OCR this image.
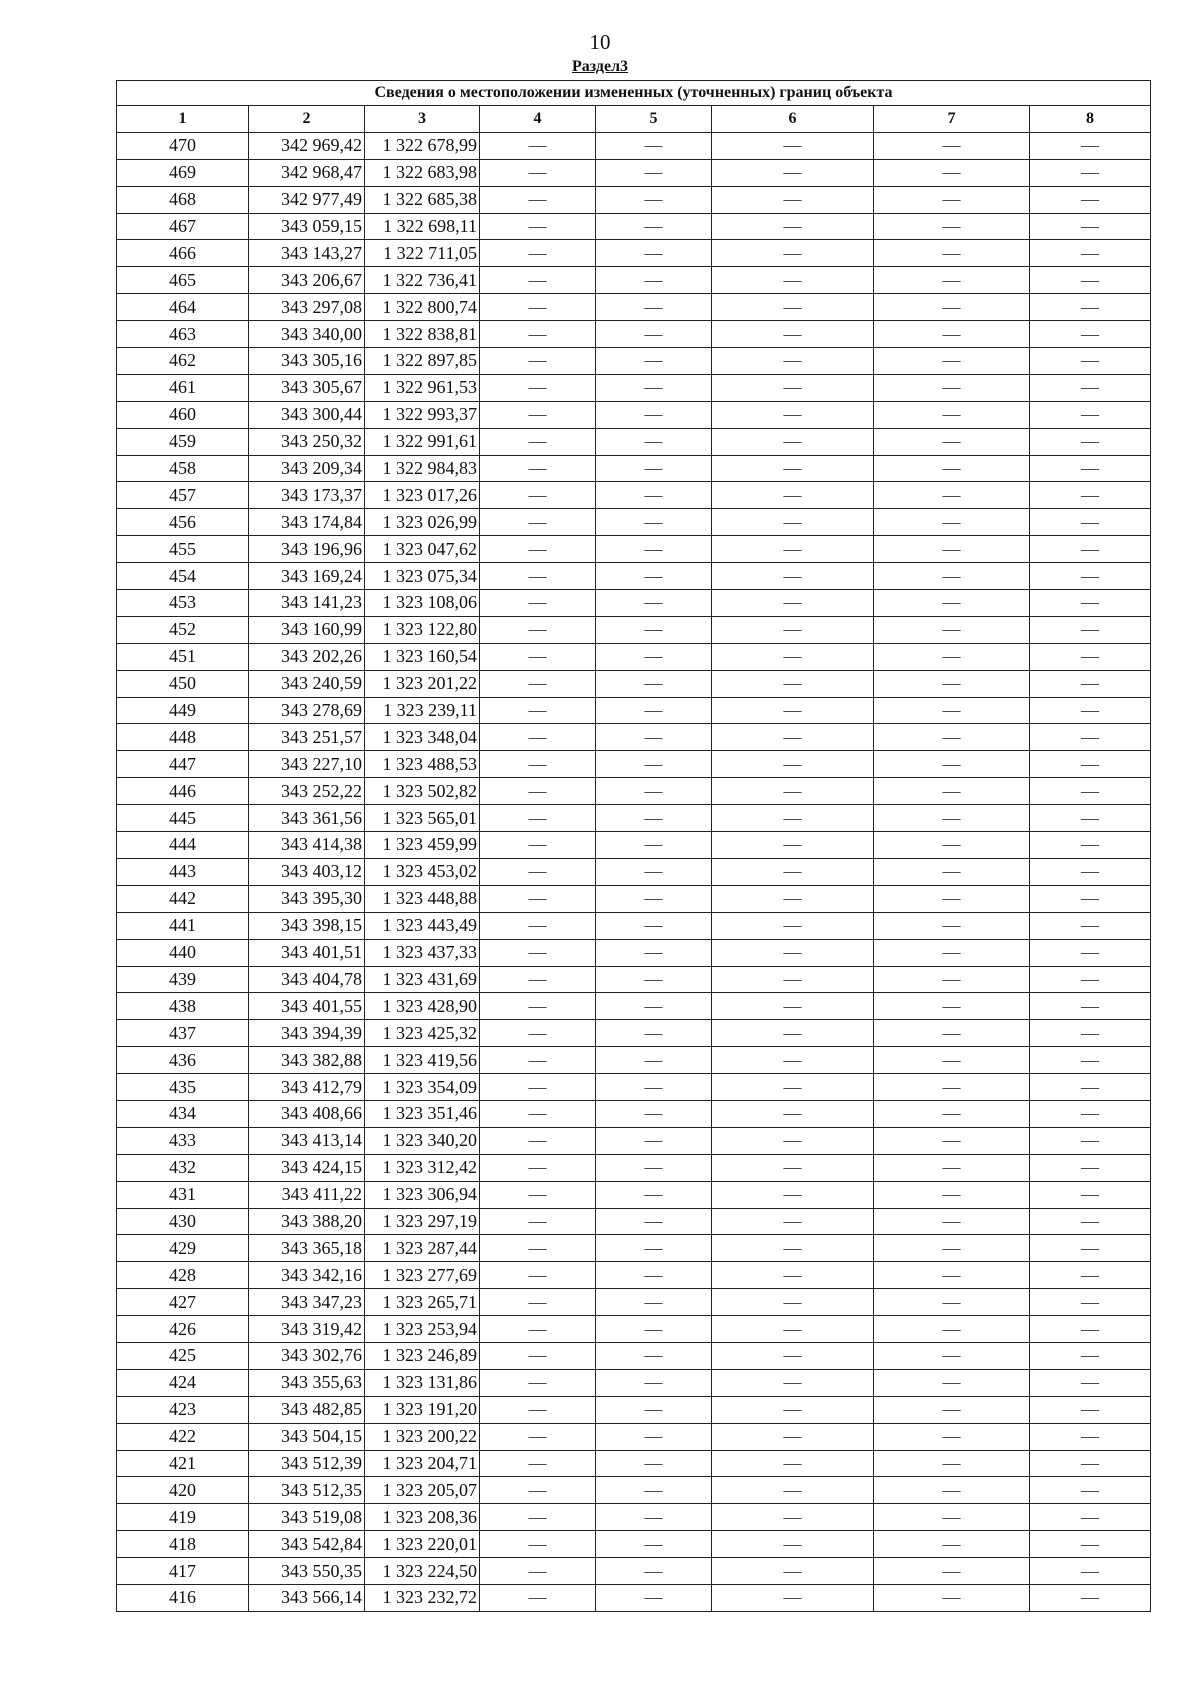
10
Раздел3
Сведения о местоположении измененных (уточненных) границ объекта							
1	2	3	4	5	6	7	8
470	342 969,42	1 322 678,99	—	—	—	—	—
469	342 968,47	1 322 683,98	—	—	—	—	—
468	342 977,49	1 322 685,38	—	—	—	—	—
467	343 059,15	1 322 698,11	—	—	—	—	—
466	343 143,27	1 322 711,05	—	—	—	—	—
465	343 206,67	1 322 736,41	—	—	—	—	—
464	343 297,08	1 322 800,74	—	—	—	—	—
463	343 340,00	1 322 838,81	—	—	—	—	—
462	343 305,16	1 322 897,85	—	—	—	—	—
461	343 305,67	1 322 961,53	—	—	—	—	—
460	343 300,44	1 322 993,37	—	—	—	—	—
459	343 250,32	1 322 991,61	—	—	—	—	—
458	343 209,34	1 322 984,83	—	—	—	—	—
457	343 173,37	1 323 017,26	—	—	—	—	—
456	343 174,84	1 323 026,99	—	—	—	—	—
455	343 196,96	1 323 047,62	—	—	—	—	—
454	343 169,24	1 323 075,34	—	—	—	—	—
453	343 141,23	1 323 108,06	—	—	—	—	—
452	343 160,99	1 323 122,80	—	—	—	—	—
451	343 202,26	1 323 160,54	—	—	—	—	—
450	343 240,59	1 323 201,22	—	—	—	—	—
449	343 278,69	1 323 239,11	—	—	—	—	—
448	343 251,57	1 323 348,04	—	—	—	—	—
447	343 227,10	1 323 488,53	—	—	—	—	—
446	343 252,22	1 323 502,82	—	—	—	—	—
445	343 361,56	1 323 565,01	—	—	—	—	—
444	343 414,38	1 323 459,99	—	—	—	—	—
443	343 403,12	1 323 453,02	—	—	—	—	—
442	343 395,30	1 323 448,88	—	—	—	—	—
441	343 398,15	1 323 443,49	—	—	—	—	—
440	343 401,51	1 323 437,33	—	—	—	—	—
439	343 404,78	1 323 431,69	—	—	—	—	—
438	343 401,55	1 323 428,90	—	—	—	—	—
437	343 394,39	1 323 425,32	—	—	—	—	—
436	343 382,88	1 323 419,56	—	—	—	—	—
435	343 412,79	1 323 354,09	—	—	—	—	—
434	343 408,66	1 323 351,46	—	—	—	—	—
433	343 413,14	1 323 340,20	—	—	—	—	—
432	343 424,15	1 323 312,42	—	—	—	—	—
431	343 411,22	1 323 306,94	—	—	—	—	—
430	343 388,20	1 323 297,19	—	—	—	—	—
429	343 365,18	1 323 287,44	—	—	—	—	—
428	343 342,16	1 323 277,69	—	—	—	—	—
427	343 347,23	1 323 265,71	—	—	—	—	—
426	343 319,42	1 323 253,94	—	—	—	—	—
425	343 302,76	1 323 246,89	—	—	—	—	—
424	343 355,63	1 323 131,86	—	—	—	—	—
423	343 482,85	1 323 191,20	—	—	—	—	—
422	343 504,15	1 323 200,22	—	—	—	—	—
421	343 512,39	1 323 204,71	—	—	—	—	—
420	343 512,35	1 323 205,07	—	—	—	—	—
419	343 519,08	1 323 208,36	—	—	—	—	—
418	343 542,84	1 323 220,01	—	—	—	—	—
417	343 550,35	1 323 224,50	—	—	—	—	—
416	343 566,14	1 323 232,72	—	—	—	—	—
